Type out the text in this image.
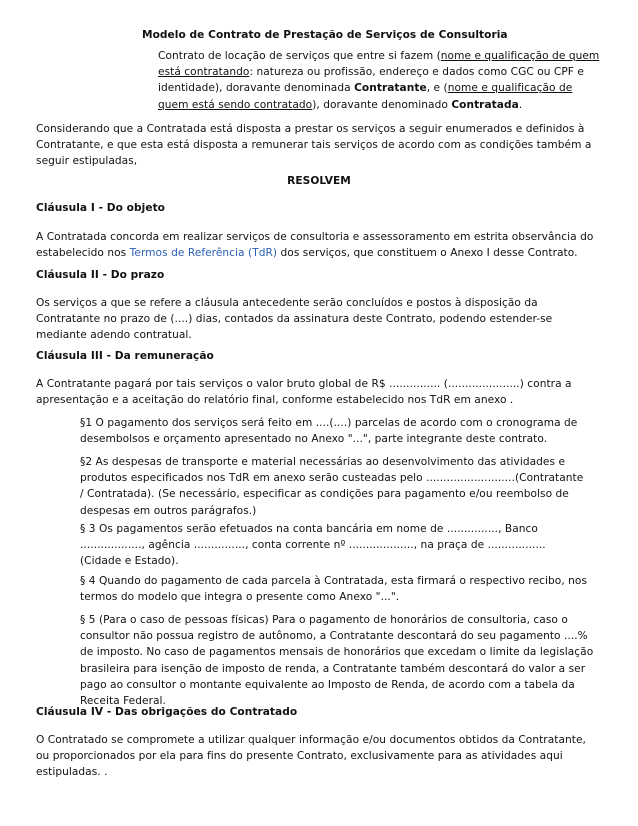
Modelo de Contrato de Prestação de Serviços de Consultoria
Contrato de locação de serviços que entre si fazem (nome e qualificação de quem
está contratando: natureza ou profissão, endereço e dados como CGC ou CPF e
identidade), doravante denominada Contratante, e (nome e qualificação de
quem está sendo contratado), doravante denominado Contratada.
Considerando que a Contratada está disposta a prestar os serviços a seguir enumerados e definidos à
Contratante, e que esta está disposta a remunerar tais serviços de acordo com as condições também a
seguir estipuladas,
RESOLVEM
Cláusula I - Do objeto
A Contratada concorda em realizar serviços de consultoria e assessoramento em estrita observância do
estabelecido nos Termos de Referência (TdR) dos serviços, que constituem o Anexo I desse Contrato.
Cláusula II - Do prazo
Os serviços a que se refere a cláusula antecedente serão concluídos e postos à disposição da
Contratante no prazo de (....) dias, contados da assinatura deste Contrato, podendo estender-se
mediante adendo contratual.
Cláusula III - Da remuneração
A Contratante pagará por tais serviços o valor bruto global de R$ ............... (.....................) contra a
apresentação e a aceitação do relatório final, conforme estabelecido nos TdR em anexo .
§1 O pagamento dos serviços será feito em ....(....) parcelas de acordo com o cronograma de
desembolsos e orçamento apresentado no Anexo "...", parte integrante deste contrato.
§2 As despesas de transporte e material necessárias ao desenvolvimento das atividades e
produtos especificados nos TdR em anexo serão custeadas pelo ..........................(Contratante
/ Contratada). (Se necessário, especificar as condições para pagamento e/ou reembolso de
despesas em outros parágrafos.)
§ 3 Os pagamentos serão efetuados na conta bancária em nome de ..............., Banco
.................., agência ..............., conta corrente nº ..................., na praça de .................
(Cidade e Estado).
§ 4 Quando do pagamento de cada parcela à Contratada, esta firmará o respectivo recibo, nos
termos do modelo que integra o presente como Anexo "...".
§ 5 (Para o caso de pessoas físicas) Para o pagamento de honorários de consultoria, caso o
consultor não possua registro de autônomo, a Contratante descontará do seu pagamento ....%
de imposto. No caso de pagamentos mensais de honorários que excedam o limite da legislação
brasileira para isenção de imposto de renda, a Contratante também descontará do valor a ser
pago ao consultor o montante equivalente ao Imposto de Renda, de acordo com a tabela da
Receita Federal.
Cláusula IV - Das obrigações do Contratado
O Contratado se compromete a utilizar qualquer informação e/ou documentos obtidos da Contratante,
ou proporcionados por ela para fins do presente Contrato, exclusivamente para as atividades aqui
estipuladas. .
